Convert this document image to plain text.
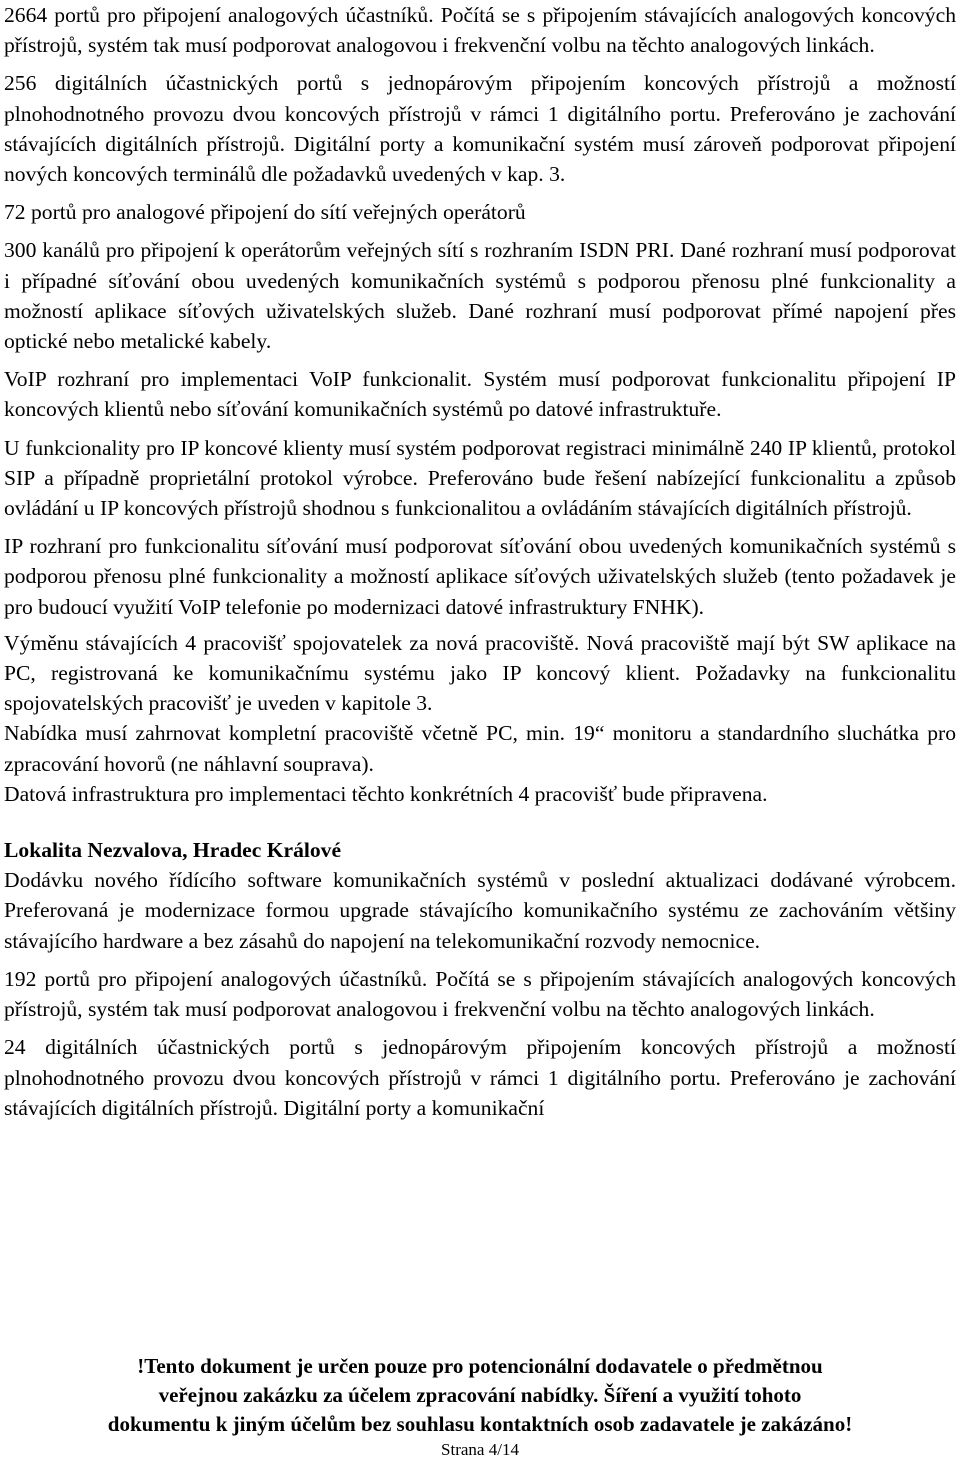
2664 portů pro připojení analogových účastníků. Počítá se s připojením stávajících analogových koncových přístrojů, systém tak musí podporovat analogovou i frekvenční volbu na těchto analogových linkách.

256 digitálních účastnických portů s jednopárovým připojením koncových přístrojů a možností plnohodnotného provozu dvou koncových přístrojů v rámci 1 digitálního portu. Preferováno je zachování stávajících digitálních přístrojů. Digitální porty a komunikační systém musí zároveň podporovat připojení nových koncových terminálů dle požadavků uvedených v kap. 3.

72 portů pro analogové připojení do sítí veřejných operátorů

300 kanálů pro připojení k operátorům veřejných sítí s rozhraním ISDN PRI. Dané rozhraní musí podporovat i případné síťování obou uvedených komunikačních systémů s podporou přenosu plné funkcionality a možností aplikace síťových uživatelských služeb. Dané rozhraní musí podporovat přímé napojení přes optické nebo metalické kabely.

VoIP rozhraní pro implementaci VoIP funkcionalit. Systém musí podporovat funkcionalitu připojení IP koncových klientů nebo síťování komunikačních systémů po datové infrastruktuře.

U funkcionality pro IP koncové klienty musí systém podporovat registraci minimálně 240 IP klientů, protokol SIP a případně proprietální protokol výrobce. Preferováno bude řešení nabízející funkcionalitu a způsob ovládání u IP koncových přístrojů shodnou s funkcionalitou a ovládáním stávajících digitálních přístrojů.

IP rozhraní pro funkcionalitu síťování musí podporovat síťování obou uvedených komunikačních systémů s podporou přenosu plné funkcionality a možností aplikace síťových uživatelských služeb (tento požadavek je pro budoucí využití VoIP telefonie po modernizaci datové infrastruktury FNHK).

Výměnu stávajících 4 pracovišť spojovatelek za nová pracoviště. Nová pracoviště mají být SW aplikace na PC, registrovaná ke komunikačnímu systému jako IP koncový klient. Požadavky na funkcionalitu spojovatelských pracovišť je uveden v kapitole 3.

Nabídka musí zahrnovat kompletní pracoviště včetně PC, min. 19“ monitoru a standardního sluchátka pro zpracování hovorů (ne náhlavní souprava).

Datová infrastruktura pro implementaci těchto konkrétních 4 pracovišť bude připravena.

Lokalita Nezvalova, Hradec Králové

Dodávku nového řídícího software komunikačních systémů v poslední aktualizaci dodávané výrobcem. Preferovaná je modernizace formou upgrade stávajícího komunikačního systému ze zachováním většiny stávajícího hardware a bez zásahů do napojení na telekomunikační rozvody nemocnice.

192 portů pro připojení analogových účastníků. Počítá se s připojením stávajících analogových koncových přístrojů, systém tak musí podporovat analogovou i frekvenční volbu na těchto analogových linkách.

24 digitálních účastnických portů s jednopárovým připojením koncových přístrojů a možností plnohodnotného provozu dvou koncových přístrojů v rámci 1 digitálního portu. Preferováno je zachování stávajících digitálních přístrojů. Digitální porty a komunikační

!Tento dokument je určen pouze pro potencionální dodavatele o předmětnou
veřejnou zakázku za účelem zpracování nabídky. Šíření a využití tohoto
dokumentu k jiným účelům bez souhlasu kontaktních osob zadavatele je zakázáno!
Strana 4/14
